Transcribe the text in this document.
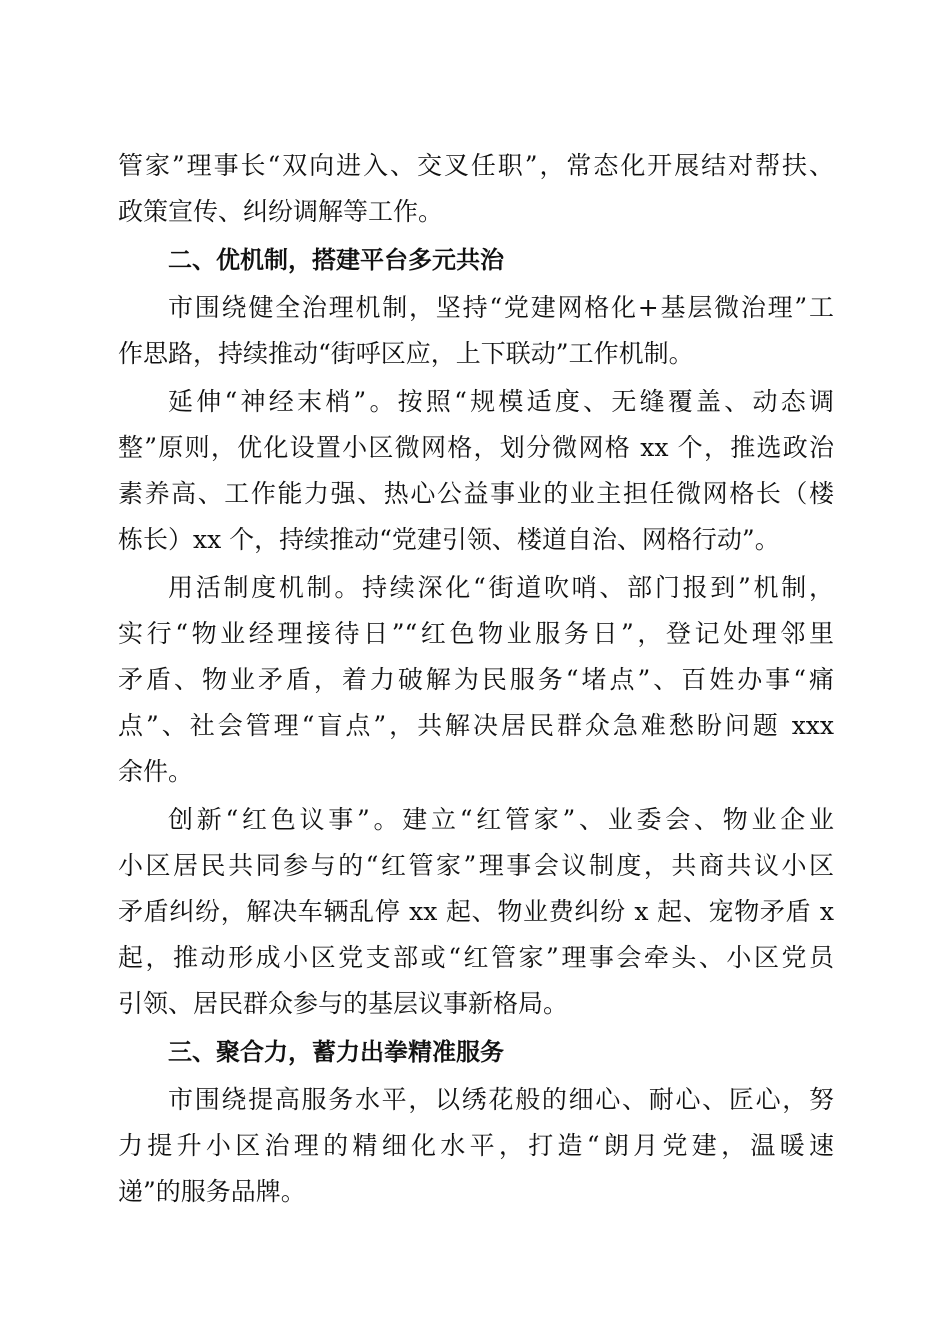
管家”理事长“双向进入、交叉任职”，常态化开展结对帮扶、
政策宣传、纠纷调解等工作。
二、优机制，搭建平台多元共治
市围绕健全治理机制，坚持“党建网格化+基层微治理”工
作思路，持续推动“街呼区应，上下联动”工作机制。
延伸“神经末梢”。按照“规模适度、无缝覆盖、动态调
整”原则，优化设置小区微网格，划分微网格 xx 个，推选政治
素养高、工作能力强、热心公益事业的业主担任微网格长（楼
栋长）xx 个，持续推动“党建引领、楼道自治、网格行动”。
用活制度机制。持续深化“街道吹哨、部门报到”机制，
实行“物业经理接待日”“红色物业服务日”，登记处理邻里
矛盾、物业矛盾，着力破解为民服务“堵点”、百姓办事“痛
点”、社会管理“盲点”，共解决居民群众急难愁盼问题 xxx
余件。
创新“红色议事”。建立“红管家”、业委会、物业企业
小区居民共同参与的“红管家”理事会议制度，共商共议小区
矛盾纠纷，解决车辆乱停 xx 起、物业费纠纷 x 起、宠物矛盾 x
起，推动形成小区党支部或“红管家”理事会牵头、小区党员
引领、居民群众参与的基层议事新格局。
三、聚合力，蓄力出拳精准服务
市围绕提高服务水平，以绣花般的细心、耐心、匠心，努
力提升小区治理的精细化水平，打造“朗月党建，温暖速
递”的服务品牌。
